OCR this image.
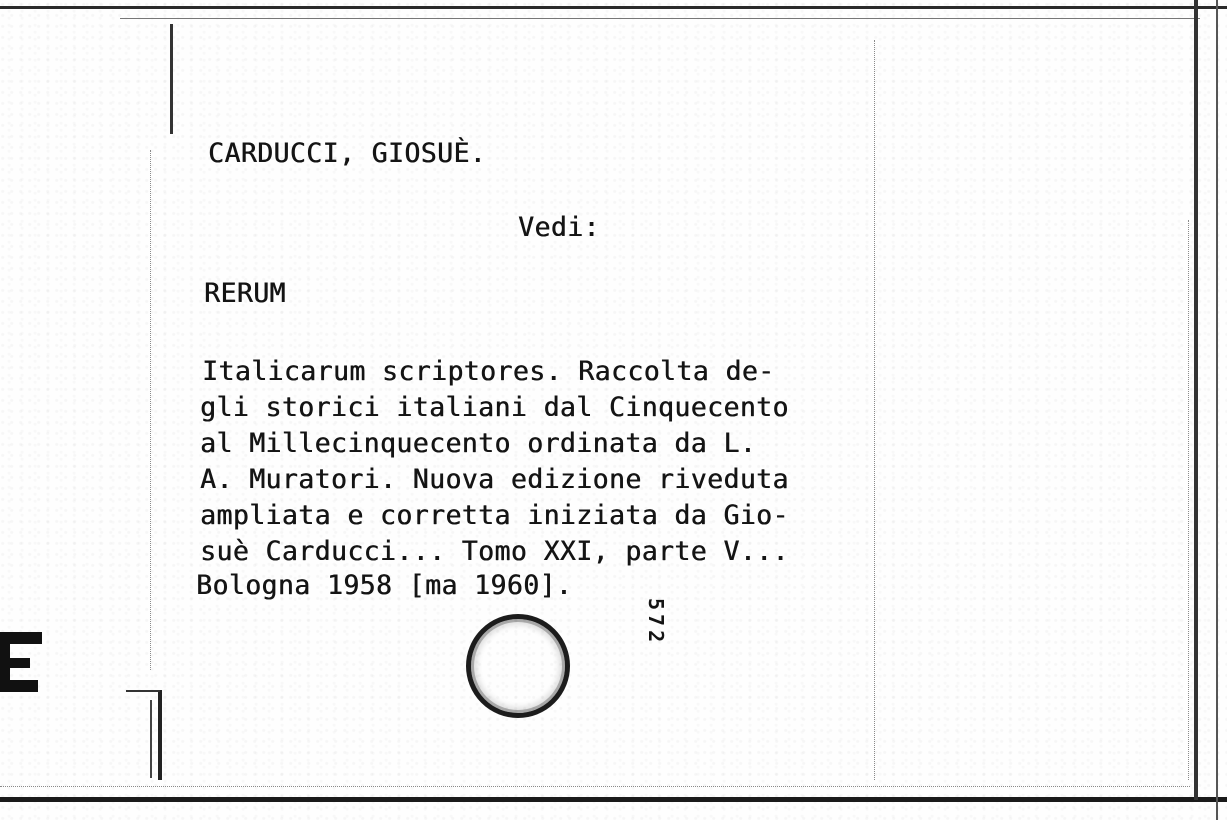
CARDUCCI, GIOSUÈ.
Vedi:
RERUM
Italicarum scriptores. Raccolta de-
gli storici italiani dal Cinquecento
al Millecinquecento ordinata da L.
A. Muratori. Nuova edizione riveduta
ampliata e corretta iniziata da Gio-
suè Carducci... Tomo XXI, parte V...
Bologna 1958 [ma 1960].
572
